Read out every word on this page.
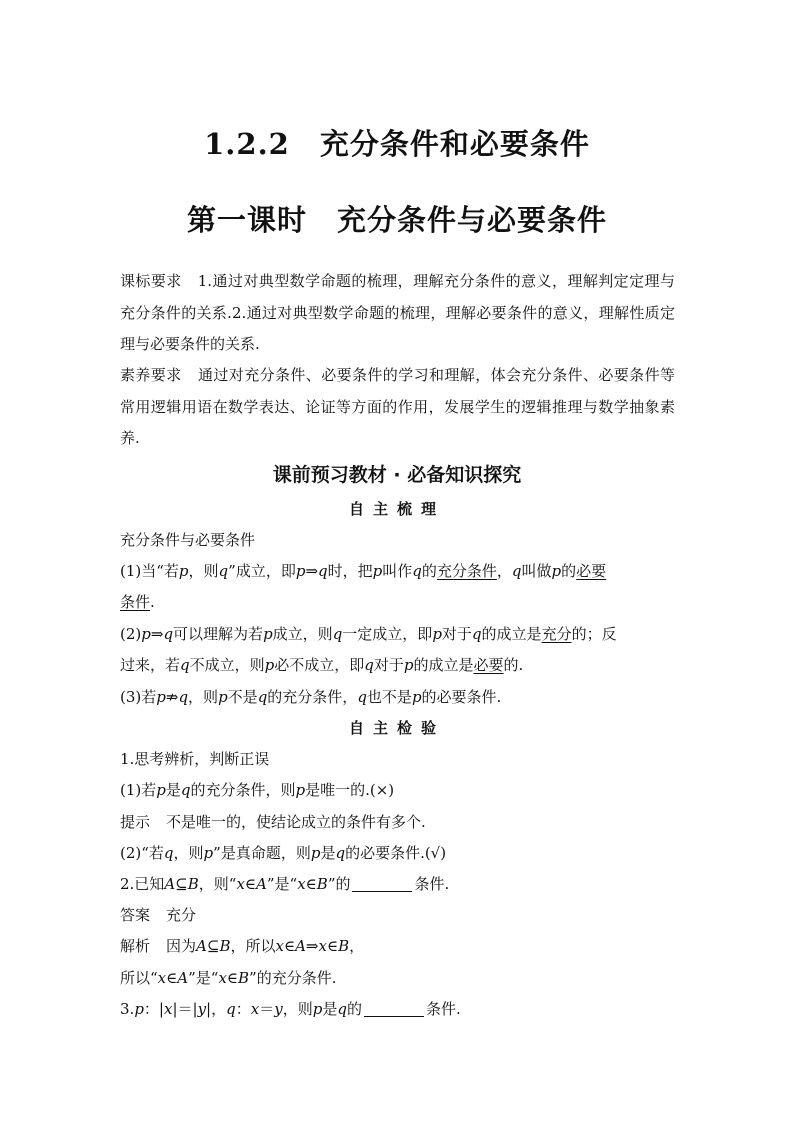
1.2.2　充分条件和必要条件
第一课时　充分条件与必要条件
课标要求 1.通过对典型数学命题的梳理，理解充分条件的意义，理解判定定理与充分条件的关系.2.通过对典型数学命题的梳理，理解必要条件的意义，理解性质定理与必要条件的关系.
素养要求 通过对充分条件、必要条件的学习和理解，体会充分条件、必要条件等常用逻辑用语在数学表达、论证等方面的作用，发展学生的逻辑推理与数学抽象素养.
课前预习教材 · 必备知识探究
自主梳理
充分条件与必要条件
(1)当“若p，则q”成立，即p⇒q时，把p叫作q的充分条件，q叫做p的必要
条件.
(2)p⇒q可以理解为若p成立，则q一定成立，即p对于q的成立是充分的；反
过来，若q不成立，则p必不成立，即q对于p的成立是必要的.
(3)若p⇏q，则p不是q的充分条件，q也不是p的必要条件.
自主检验
1.思考辨析，判断正误
(1)若p是q的充分条件，则p是唯一的.(×)
提示 不是唯一的，使结论成立的条件有多个.
(2)“若q，则p”是真命题，则p是q的必要条件.(√)
2.已知A⊆B，则“x∈A”是“x∈B”的	条件.
答案 充分
解析 因为A⊆B，所以x∈A⇒x∈B，
所以“x∈A”是“x∈B”的充分条件.
3.p：|x|＝|y|，q：x＝y，则p是q的	条件.
